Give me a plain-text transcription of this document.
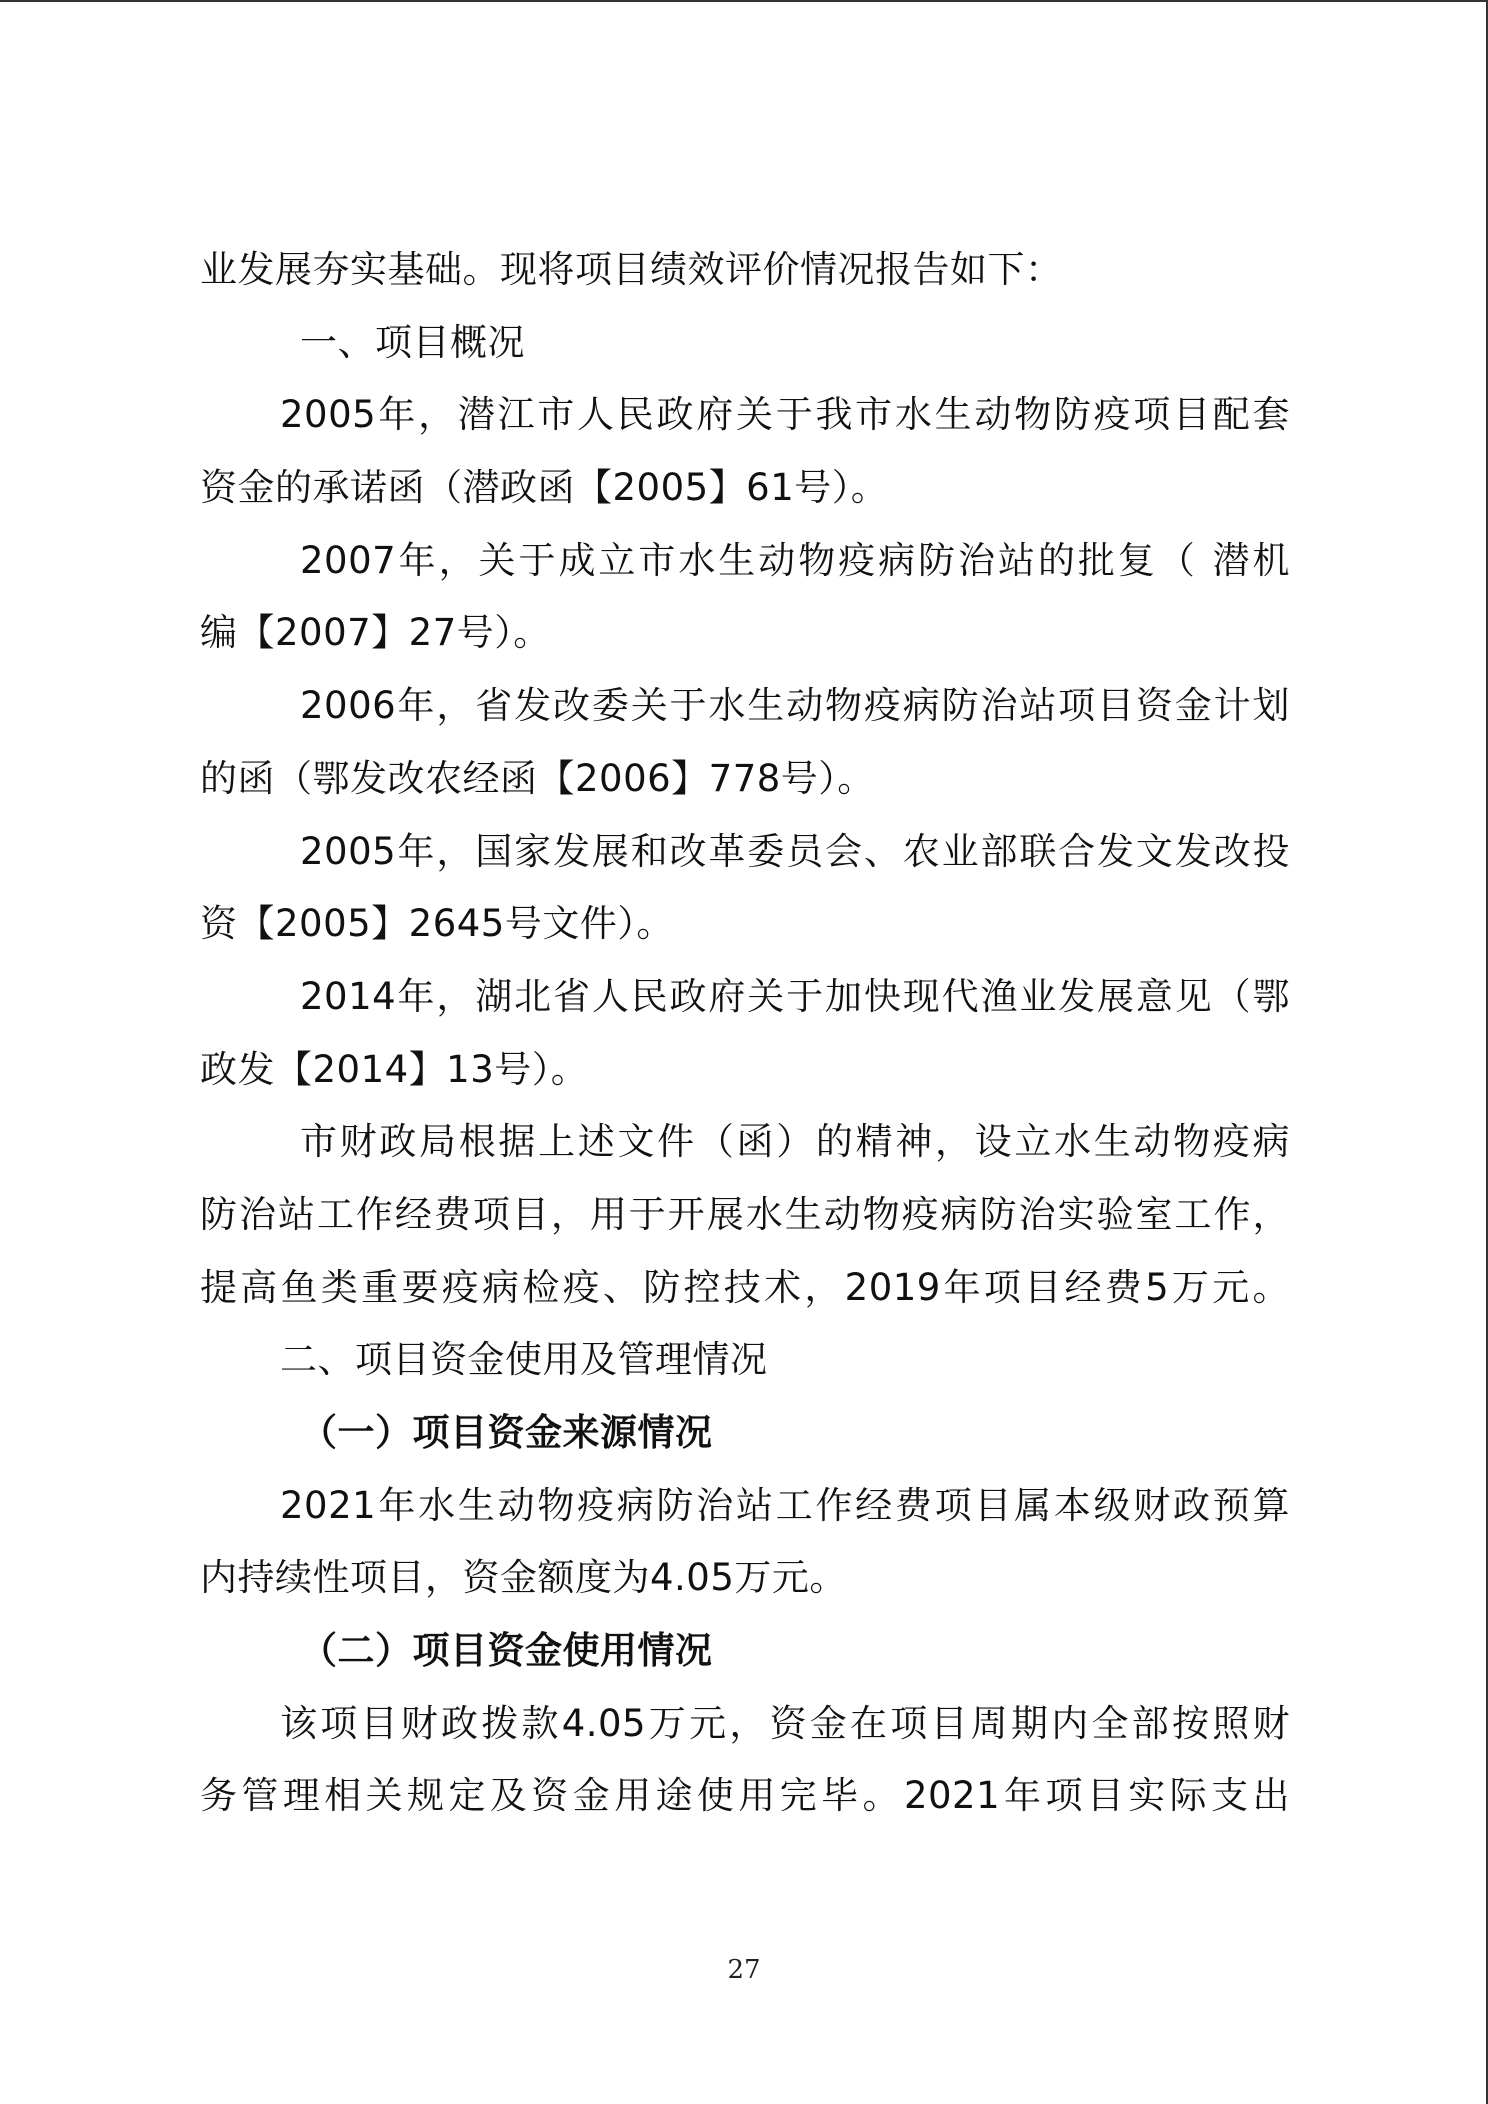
业发展夯实基础。现将项目绩效评价情况报告如下：
一、项目概况
2005年，潜江市人民政府关于我市水生动物防疫项目配套
资金的承诺函（潜政函【2005】61号）。
2007年，关于成立市水生动物疫病防治站的批复（ 潜机
编【2007】27号）。
2006年，省发改委关于水生动物疫病防治站项目资金计划
的函（鄂发改农经函【2006】778号）。
2005年，国家发展和改革委员会、农业部联合发文发改投
资【2005】2645号文件）。
2014年，湖北省人民政府关于加快现代渔业发展意见（鄂
政发【2014】13号）。
市财政局根据上述文件（函）的精神，设立水生动物疫病
防治站工作经费项目，用于开展水生动物疫病防治实验室工作，
提高鱼类重要疫病检疫、防控技术，2019年项目经费5万元。
二、项目资金使用及管理情况
（一）项目资金来源情况
2021年水生动物疫病防治站工作经费项目属本级财政预算
内持续性项目，资金额度为4.05万元。
（二）项目资金使用情况
该项目财政拨款4.05万元，资金在项目周期内全部按照财
务管理相关规定及资金用途使用完毕。2021年项目实际支出
27
